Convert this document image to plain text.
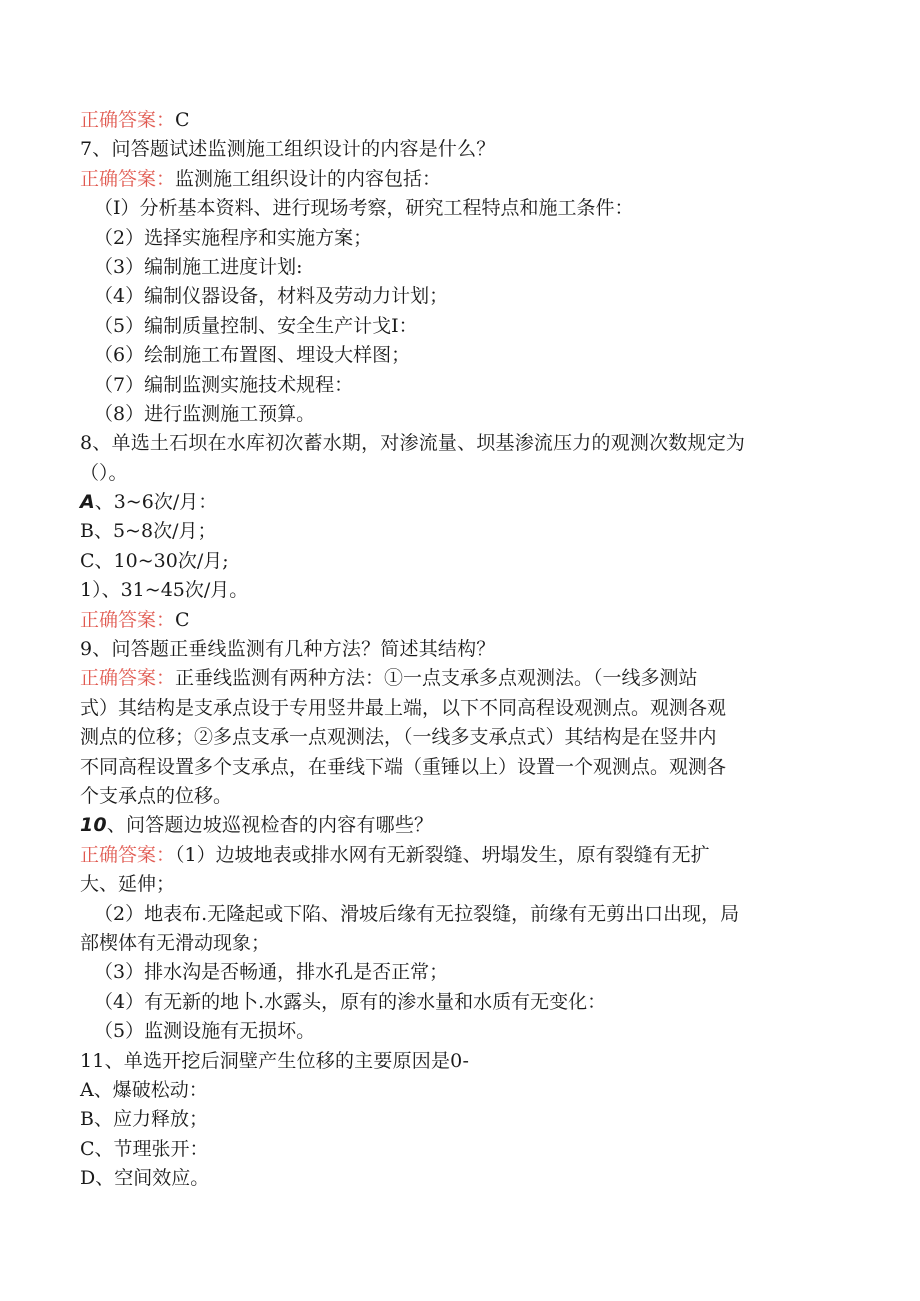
正确答案：C
7、问答题试述监测施工组织设计的内容是什么？
正确答案：监测施工组织设计的内容包括：
（I）分析基本资料、进行现场考察，研究工程特点和施工条件：
（2）选择实施程序和实施方案；
（3）编制施工进度计划:
（4）编制仪器设备，材料及劳动力计划；
（5）编制质量控制、安全生产计戈I：
（6）绘制施工布置图、埋设大样图；
（7）编制监测实施技术规程：
（8）进行监测施工预算。
8、单选土石坝在水库初次蓄水期，对渗流量、坝基渗流压力的观测次数规定为
（）。
A、3~6次/月：
B、5~8次/月；
C、10~30次/月;
1）、31~45次/月。
正确答案：C
9、问答题正垂线监测有几种方法？简述其结构？
正确答案：正垂线监测有两种方法：①一点支承多点观测法。（一线多测站
式）其结构是支承点设于专用竖井最上端，以下不同高程设观测点。观测各观
测点的位移；②多点支承一点观测法，（一线多支承点式）其结构是在竖井内
不同高程设置多个支承点，在垂线下端（重锤以上）设置一个观测点。观测各
个支承点的位移。
10、问答题边坡巡视检杳的内容有哪些？
正确答案：（1）边坡地表或排水网有无新裂缝、坍塌发生，原有裂缝有无扩
大、延伸；
（2）地表布.无隆起或下陷、滑坡后缘有无拉裂缝，前缘有无剪出口出现，局
部楔体有无滑动现象；
（3）排水沟是否畅通，排水孔是否正常；
（4）有无新的地卜.水露头，原有的渗水量和水质有无变化：
（5）监测设施有无损坏。
11、单选开挖后洞壁产生位移的主要原因是0-
A、爆破松动：
B、应力释放；
C、节理张开：
D、空间效应。
